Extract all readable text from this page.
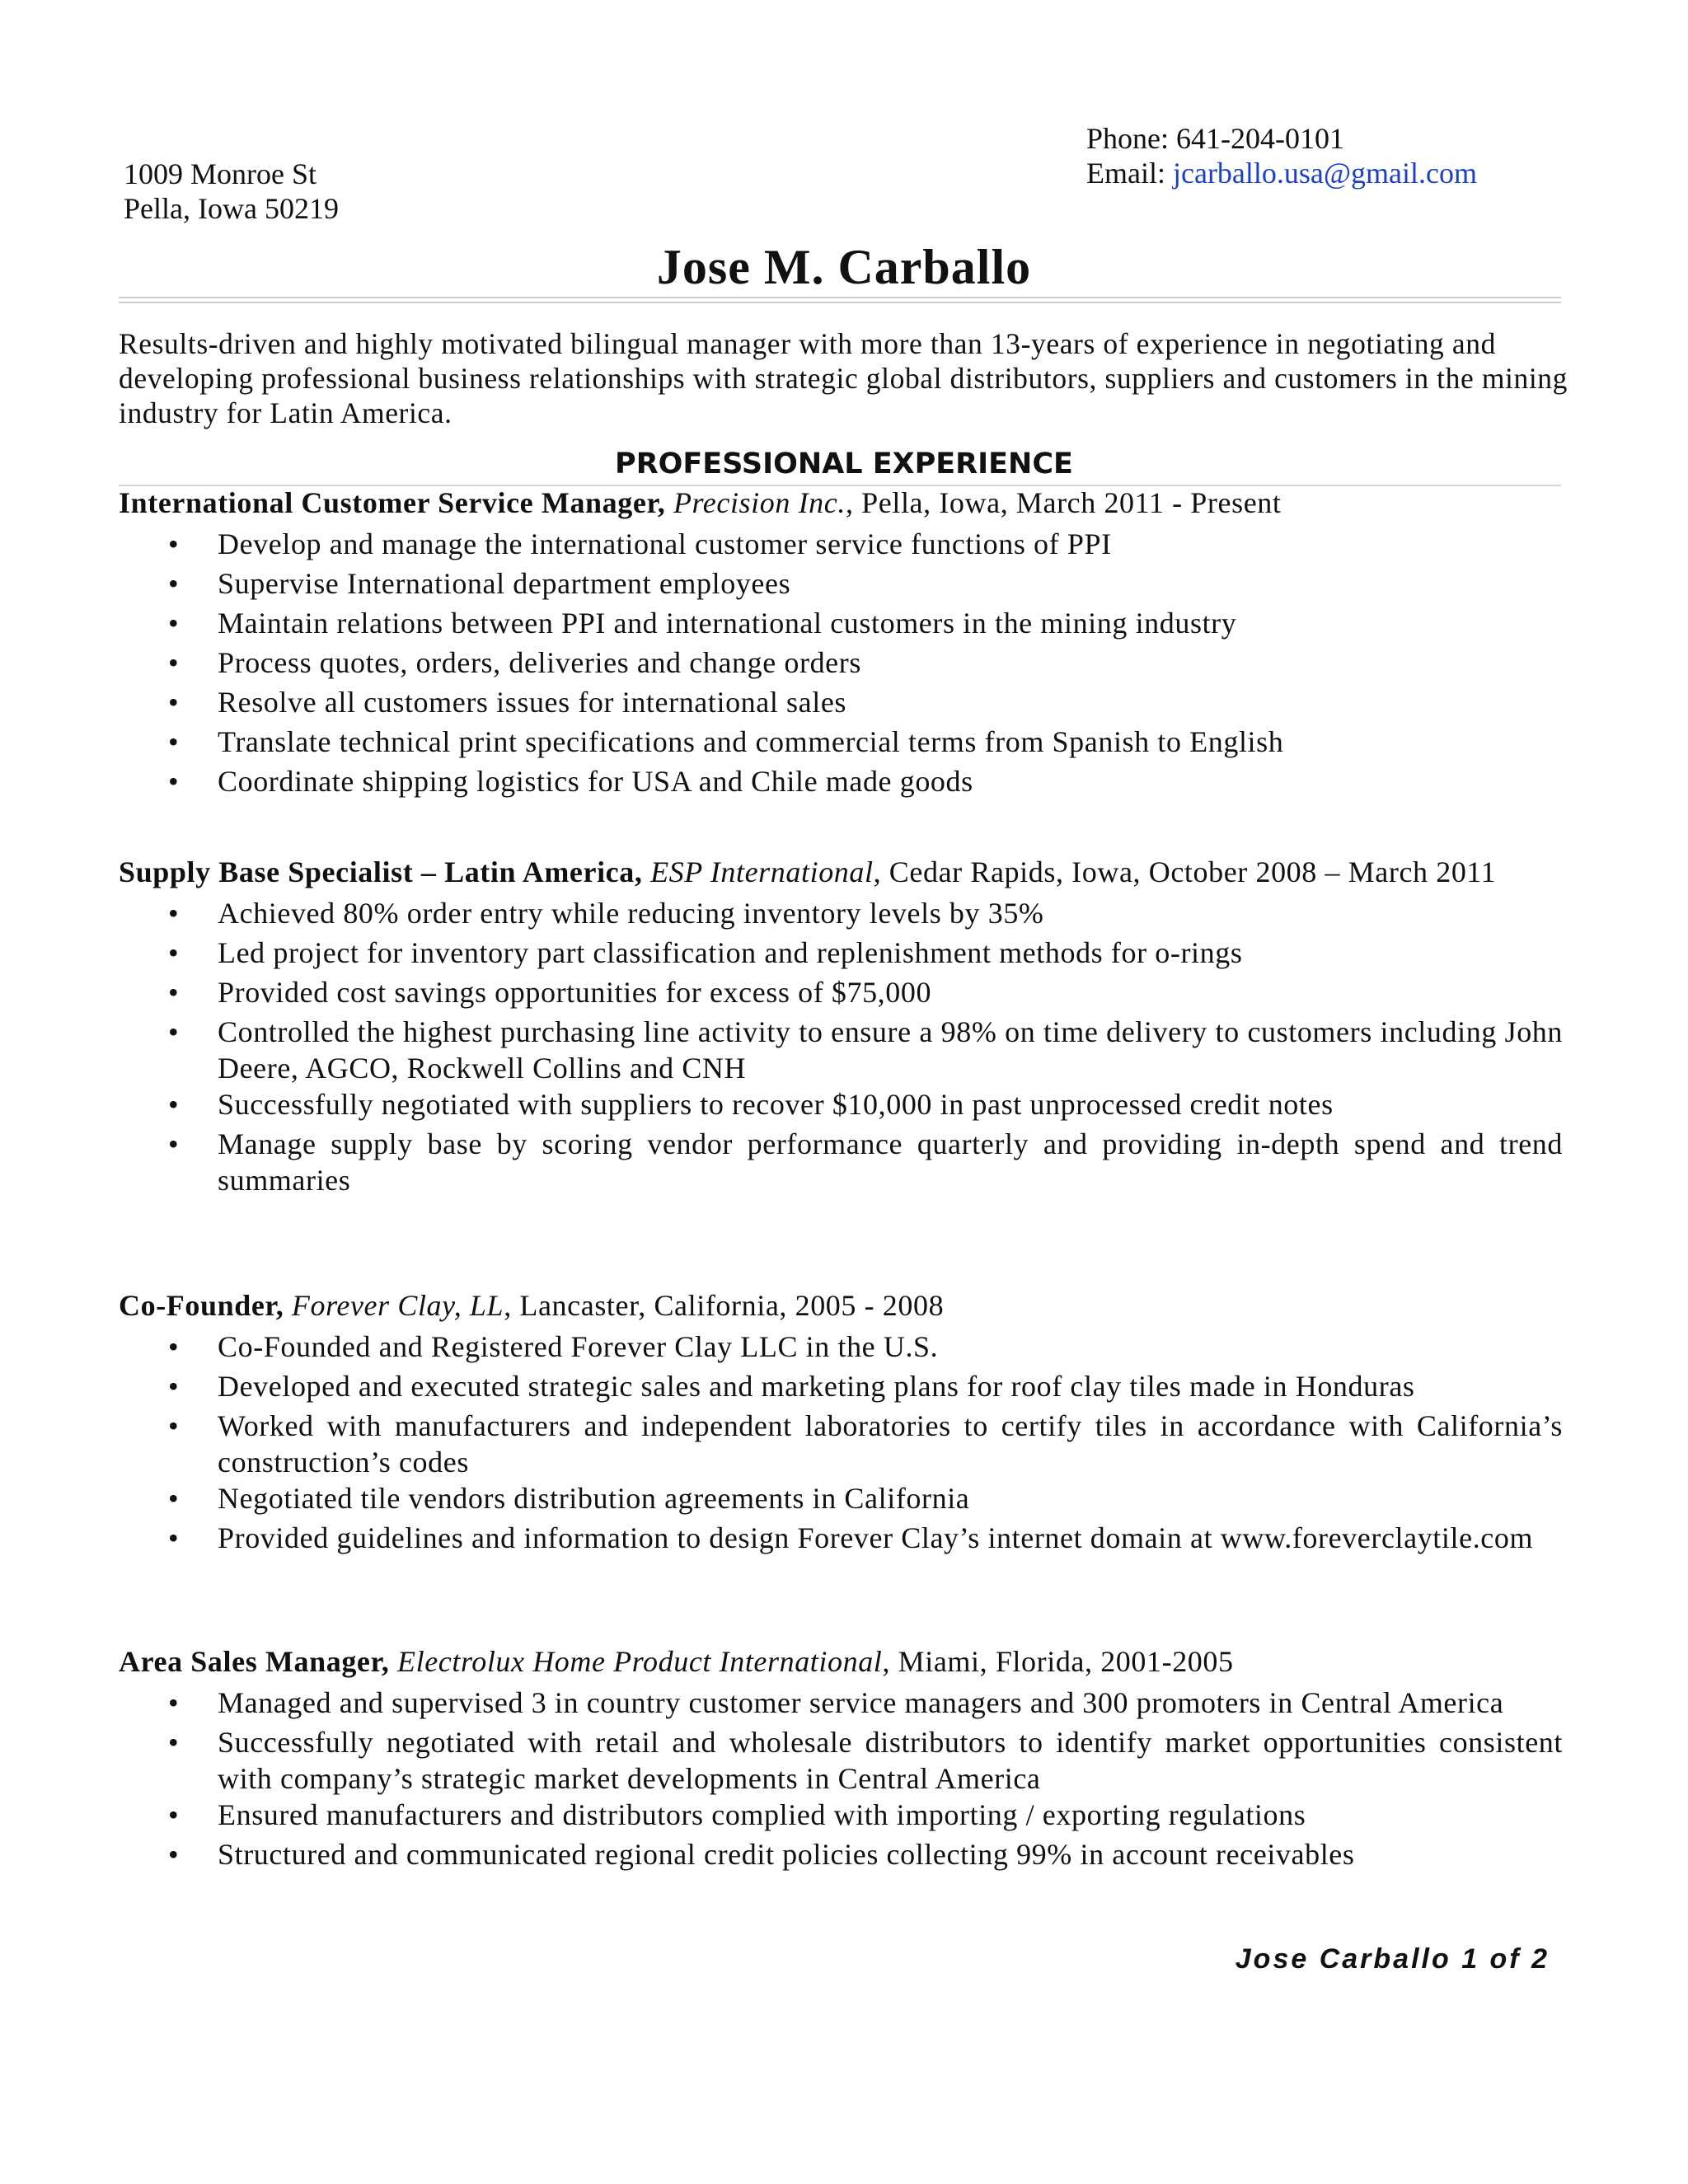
1009 Monroe St
Pella, Iowa 50219
Phone: 641-204-0101
Email: jcarballo.usa@gmail.com
Jose M. Carballo
Results-driven and highly motivated bilingual manager with more than 13-years of experience in negotiating and developing professional business relationships with strategic global distributors, suppliers and customers in the mining industry for Latin America.
PROFESSIONAL EXPERIENCE
International Customer Service Manager, Precision Inc., Pella, Iowa, March 2011 - Present
• Develop and manage the international customer service functions of PPI
• Supervise International department employees
• Maintain relations between PPI and international customers in the mining industry
• Process quotes, orders, deliveries and change orders
• Resolve all customers issues for international sales
• Translate technical print specifications and commercial terms from Spanish to English
• Coordinate shipping logistics for USA and Chile made goods
Supply Base Specialist – Latin America, ESP International, Cedar Rapids, Iowa, October 2008 – March 2011
• Achieved 80% order entry while reducing inventory levels by 35%
• Led project for inventory part classification and replenishment methods for o-rings
• Provided cost savings opportunities for excess of $75,000
• Controlled the highest purchasing line activity to ensure a 98% on time delivery to customers including John Deere, AGCO, Rockwell Collins and CNH
• Successfully negotiated with suppliers to recover $10,000 in past unprocessed credit notes
• Manage supply base by scoring vendor performance quarterly and providing in-depth spend and trend summaries
Co-Founder, Forever Clay, LL, Lancaster, California, 2005 - 2008
• Co-Founded and Registered Forever Clay LLC in the U.S.
• Developed and executed strategic sales and marketing plans for roof clay tiles made in Honduras
• Worked with manufacturers and independent laboratories to certify tiles in accordance with California’s construction’s codes
• Negotiated tile vendors distribution agreements in California
• Provided guidelines and information to design Forever Clay’s internet domain at www.foreverclaytile.com
Area Sales Manager, Electrolux Home Product International, Miami, Florida, 2001-2005
• Managed and supervised 3 in country customer service managers and 300 promoters in Central America
• Successfully negotiated with retail and wholesale distributors to identify market opportunities consistent with company’s strategic market developments in Central America
• Ensured manufacturers and distributors complied with importing / exporting regulations
• Structured and communicated regional credit policies collecting 99% in account receivables
Jose Carballo 1 of 2
